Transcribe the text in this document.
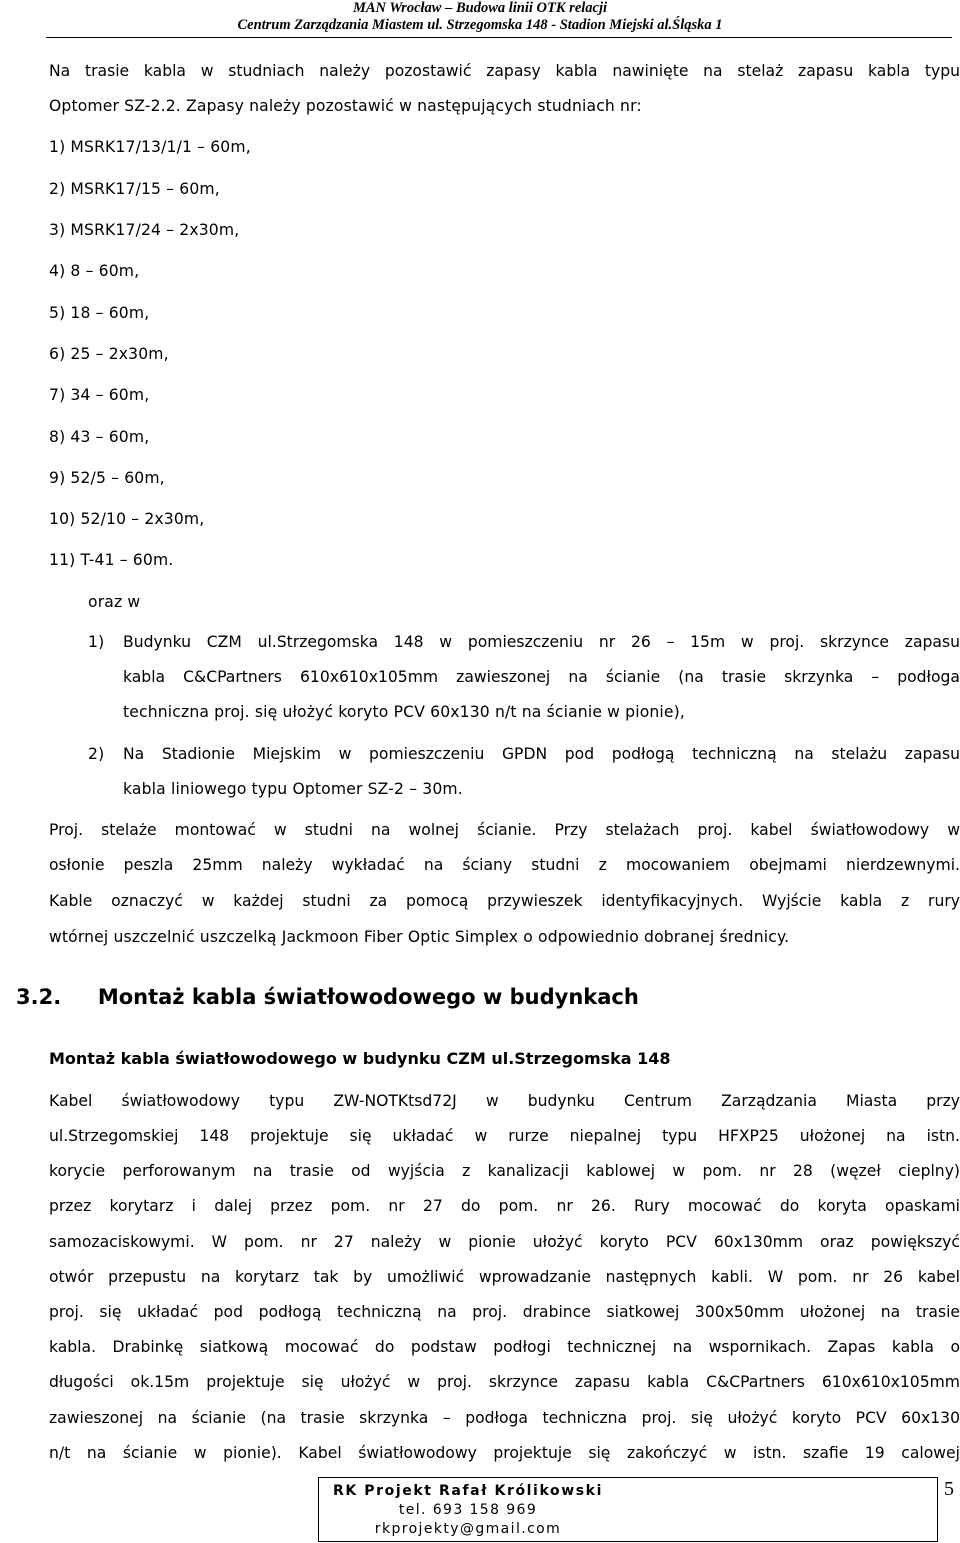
MAN Wrocław – Budowa linii OTK relacji
Centrum Zarządzania Miastem ul. Strzegomska 148 - Stadion Miejski al.Śląska 1
Na trasie kabla w studniach należy pozostawić zapasy kabla nawinięte na stelaż zapasu kabla typu
Optomer SZ-2.2. Zapasy należy pozostawić w następujących studniach nr:
1) MSRK17/13/1/1 – 60m,
2) MSRK17/15 – 60m,
3) MSRK17/24 – 2x30m,
4) 8 – 60m,
5) 18 – 60m,
6) 25 – 2x30m,
7) 34 – 60m,
8) 43 – 60m,
9) 52/5 – 60m,
10) 52/10 – 2x30m,
11) T-41 – 60m.
oraz w
1) Budynku CZM ul.Strzegomska 148 w pomieszczeniu nr 26 – 15m w proj. skrzynce zapasu
kabla C&CPartners 610x610x105mm zawieszonej na ścianie (na trasie skrzynka – podłoga
techniczna proj. się ułożyć koryto PCV 60x130 n/t na ścianie w pionie),
2) Na Stadionie Miejskim w pomieszczeniu GPDN pod podłogą techniczną na stelażu zapasu
kabla liniowego typu Optomer SZ-2 – 30m.
Proj. stelaże montować w studni na wolnej ścianie. Przy stelażach proj. kabel światłowodowy w
osłonie peszla 25mm należy wykładać na ściany studni z mocowaniem obejmami nierdzewnymi.
Kable oznaczyć w każdej studni za pomocą przywieszek identyfikacyjnych. Wyjście kabla z rury
wtórnej uszczelnić uszczelką Jackmoon Fiber Optic Simplex o odpowiednio dobranej średnicy.
3.2. Montaż kabla światłowodowego w budynkach
Montaż kabla światłowodowego w budynku CZM ul.Strzegomska 148
Kabel światłowodowy typu ZW-NOTKtsd72J w budynku Centrum Zarządzania Miasta przy
ul.Strzegomskiej 148 projektuje się układać w rurze niepalnej typu HFXP25 ułożonej na istn.
korycie perforowanym na trasie od wyjścia z kanalizacji kablowej w pom. nr 28 (węzeł cieplny)
przez korytarz i dalej przez pom. nr 27 do pom. nr 26. Rury mocować do koryta opaskami
samozaciskowymi. W pom. nr 27 należy w pionie ułożyć koryto PCV 60x130mm oraz powiększyć
otwór przepustu na korytarz tak by umożliwić wprowadzanie następnych kabli. W pom. nr 26 kabel
proj. się układać pod podłogą techniczną na proj. drabince siatkowej 300x50mm ułożonej na trasie
kabla. Drabinkę siatkową mocować do podstaw podłogi technicznej na wspornikach. Zapas kabla o
długości ok.15m projektuje się ułożyć w proj. skrzynce zapasu kabla C&CPartners 610x610x105mm
zawieszonej na ścianie (na trasie skrzynka – podłoga techniczna proj. się ułożyć koryto PCV 60x130
n/t na ścianie w pionie). Kabel światłowodowy projektuje się zakończyć w istn. szafie 19 calowej
RK Projekt Rafał Królikowski
tel. 693 158 969
rkprojekty@gmail.com
5
